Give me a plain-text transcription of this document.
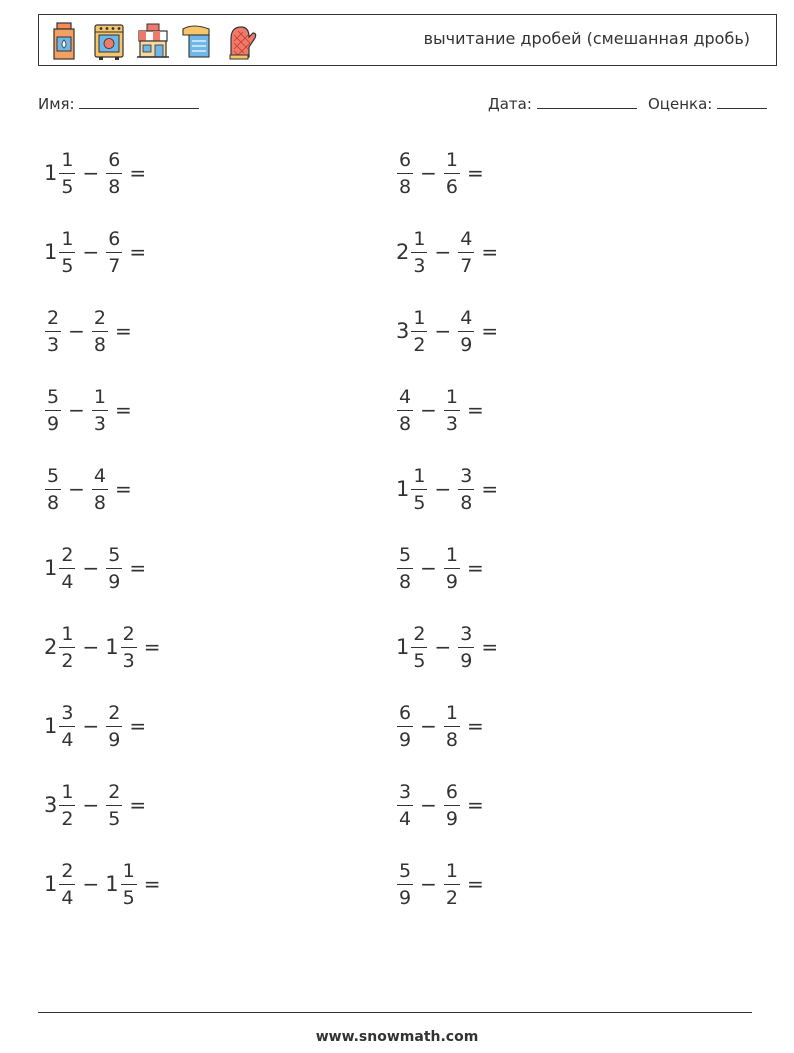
вычитание дробей (смешанная дробь)
Имя:	Дата:	Оценка:
$1 \frac{1}{5} - \frac{6}{8}$ =	$\frac{6}{8} - \frac{1}{6}$ =
$1 \frac{1}{5} - \frac{6}{7}$ =	$2 \frac{1}{3} - \frac{4}{7}$ =
$\frac{2}{3} - \frac{2}{8}$ =	$3 \frac{1}{2} - \frac{4}{9}$ =
$\frac{5}{9} - \frac{1}{3}$ =	$\frac{4}{8} - \frac{1}{3}$ =
$\frac{5}{8} - \frac{4}{8}$ =	$1 \frac{1}{5} - \frac{3}{8}$ =
$1 \frac{2}{4} - \frac{5}{9}$ =	$\frac{5}{8} - \frac{1}{9}$ =
$2 \frac{1}{2} - 1 \frac{2}{3}$ =	$1 \frac{2}{5} - \frac{3}{9}$ =
$1 \frac{3}{4} - \frac{2}{9}$ =	$\frac{6}{9} - \frac{1}{8}$ =
$3 \frac{1}{2} - \frac{2}{5}$ =	$\frac{3}{4} - \frac{6}{9}$ =
$1 \frac{2}{4} - 1 \frac{1}{5}$ =	$\frac{5}{9} - \frac{1}{2}$ =
www.snowmath.com
